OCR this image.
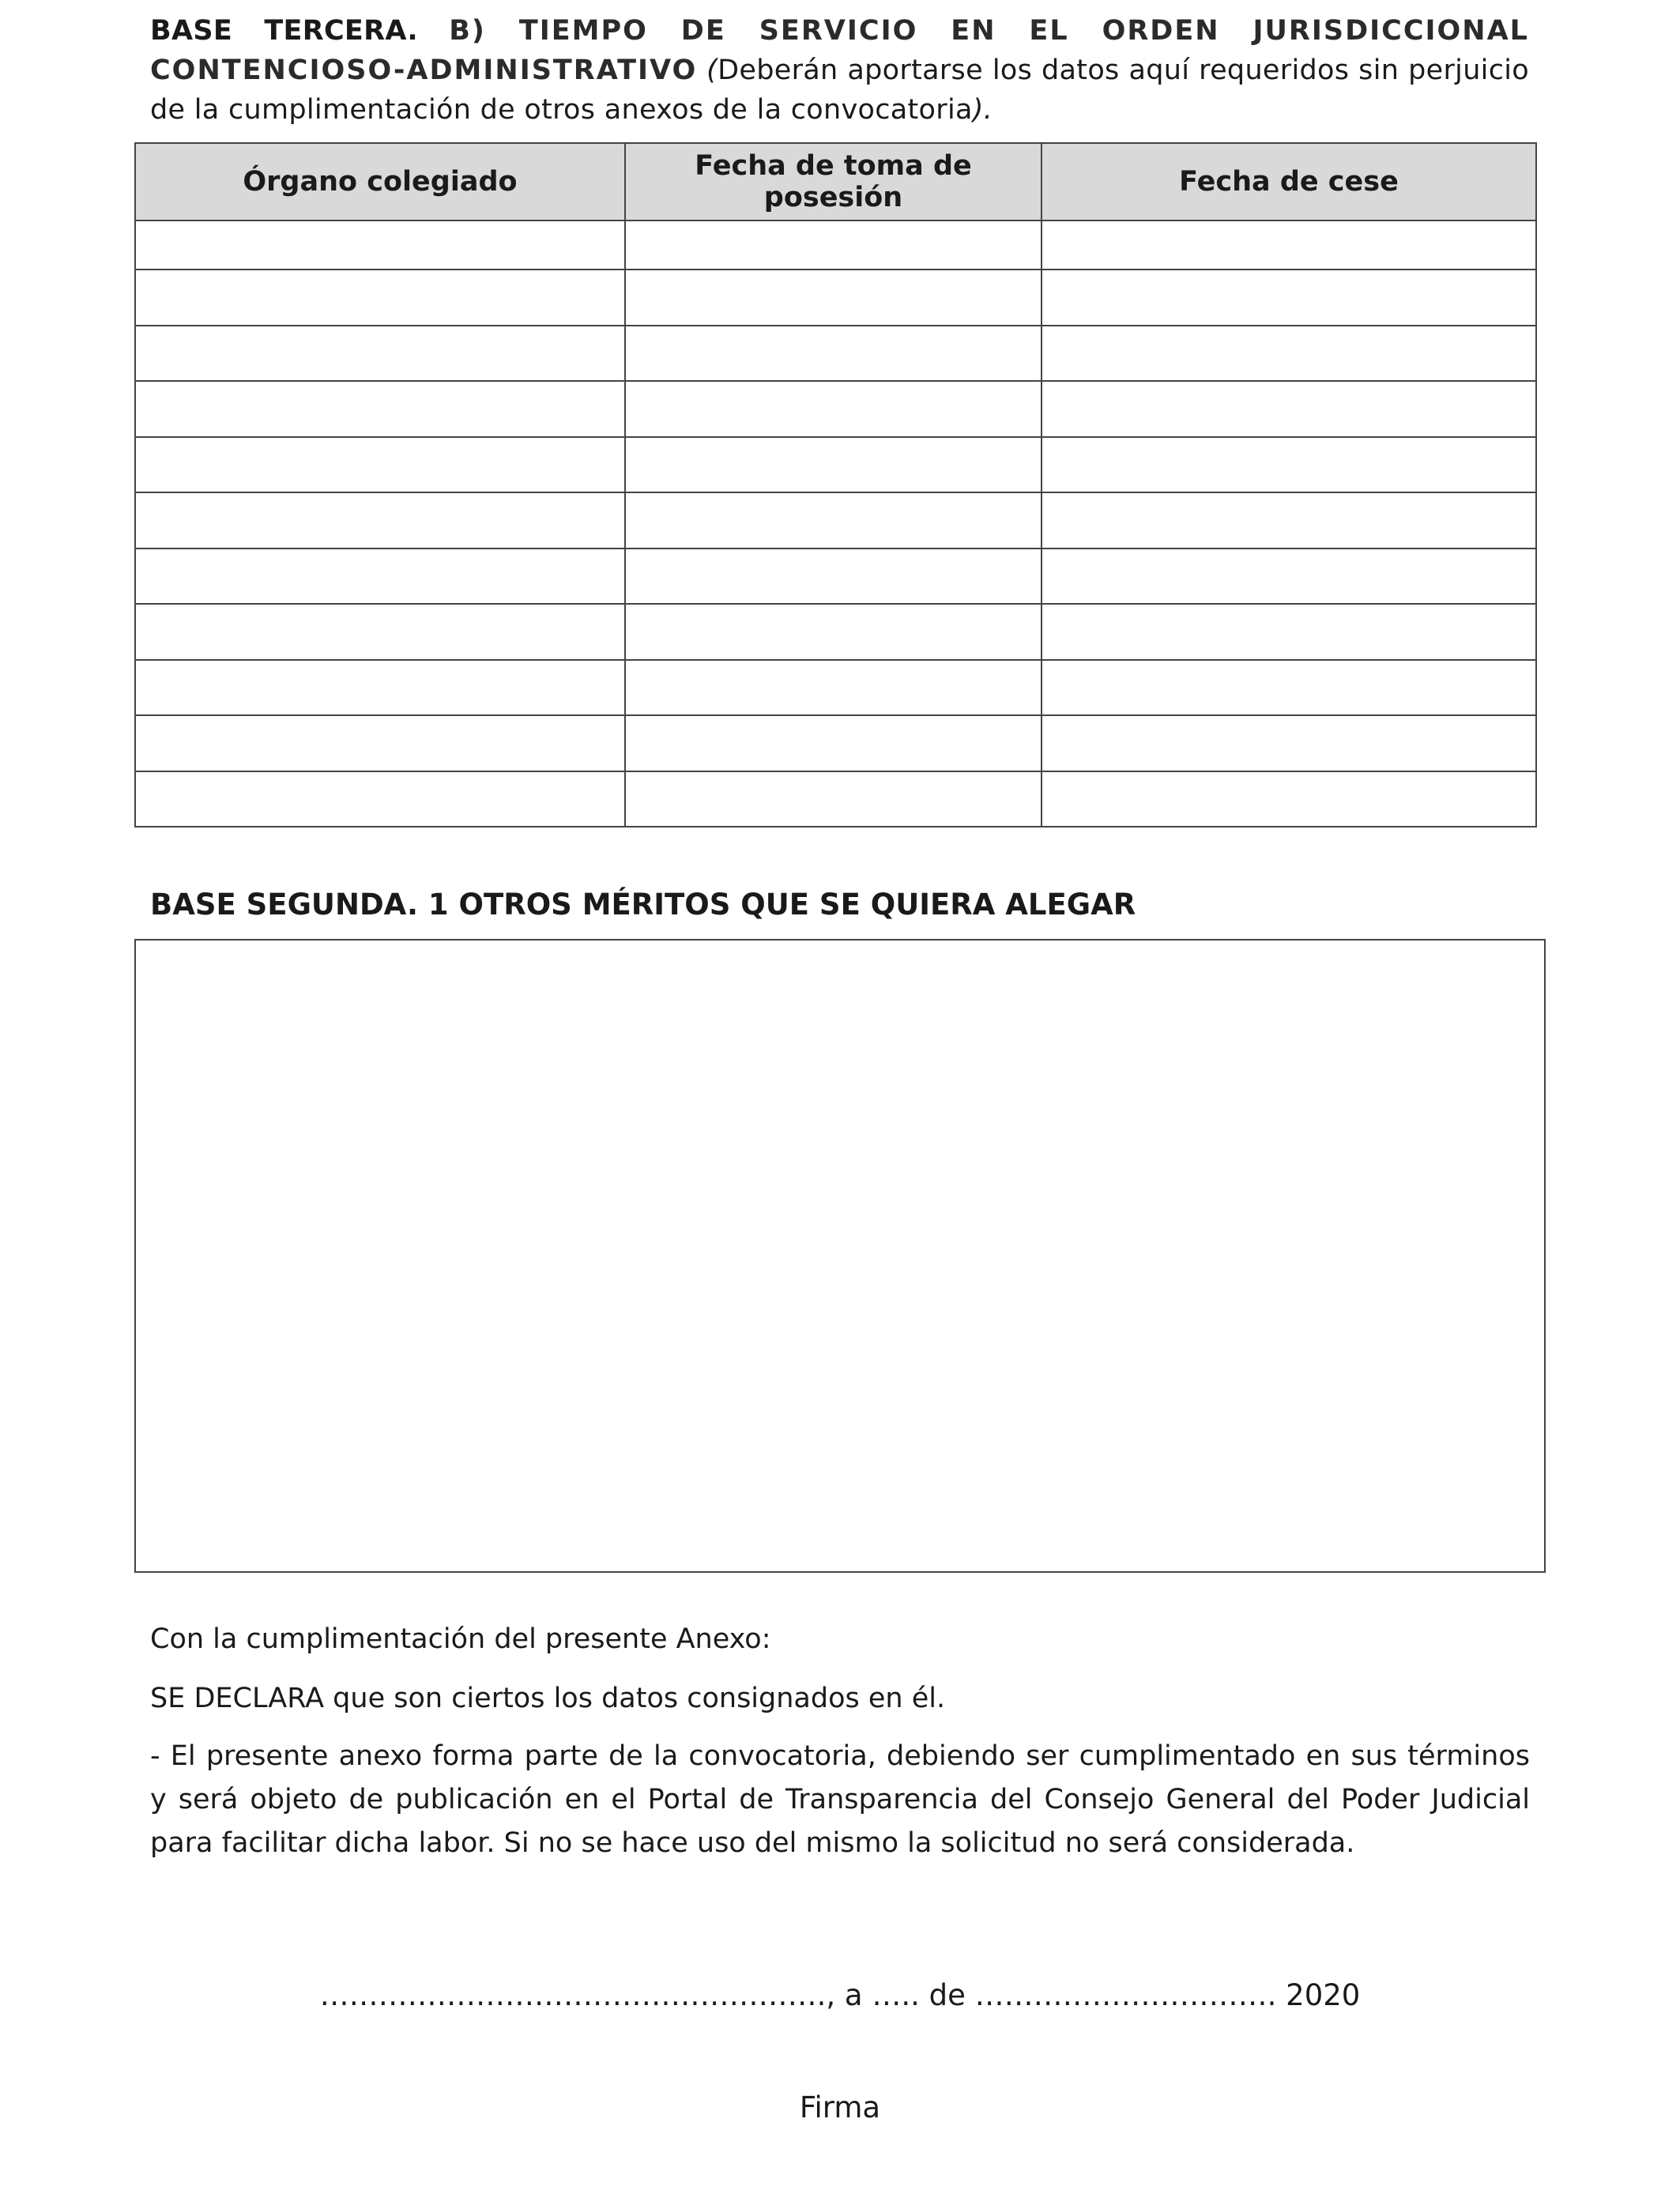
BASE TERCERA. B) TIEMPO DE SERVICIO EN EL ORDEN JURISDICCIONAL CONTENCIOSO-ADMINISTRATIVO (Deberán aportarse los datos aquí requeridos sin perjuicio de la cumplimentación de otros anexos de la convocatoria).
Órgano colegiado	Fecha de toma de posesión	Fecha de cese

BASE SEGUNDA. 1 OTROS MÉRITOS QUE SE QUIERA ALEGAR
Con la cumplimentación del presente Anexo:
SE DECLARA que son ciertos los datos consignados en él.
- El presente anexo forma parte de la convocatoria, debiendo ser cumplimentado en sus términos y será objeto de publicación en el Portal de Transparencia del Consejo General del Poder Judicial para facilitar dicha labor. Si no se hace uso del mismo la solicitud no será considerada.
……………………………………………., a ….. de …………………………. 2020
Firma
